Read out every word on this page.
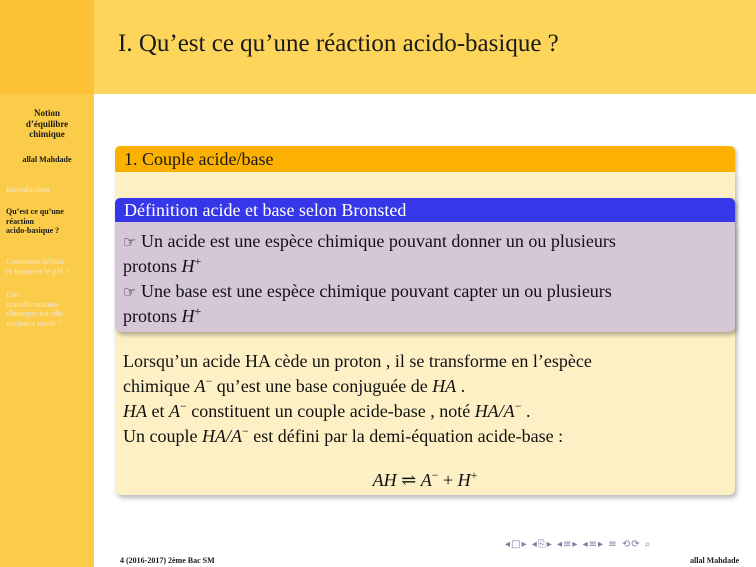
Notion
d’équilibre
chimique
allal Mahdade
Introduction
Qu’est ce qu’une
réaction
acido-basique ?
Comment définir
et mesurer le pH ?
Une
transformation
chimique est-elle
toujours totale ?
I. Qu’est ce qu’une réaction acido-basique ?
1. Couple acide/base
Définition acide et base selon Bronsted
☞ Un acide est une espèce chimique pouvant donner un ou plusieurs
protons H+
☞ Une base est une espèce chimique pouvant capter un ou plusieurs
protons H+
Lorsqu’un acide HA cède un proton , il se transforme en l’espèce
chimique A− qu’est une base conjuguée de HA .
HA et A− constituent un couple acide-base , noté HA/A− .
Un couple HA/A− est défini par la demi-équation acide-base :
AH ⇌ A− + H+
◂□▸ ◂⎘▸ ◂≡▸ ◂≡▸ ≡ ⟲⟳ ⌕
4 (2016-2017) 2ème Bac SM	allal Mahdade
